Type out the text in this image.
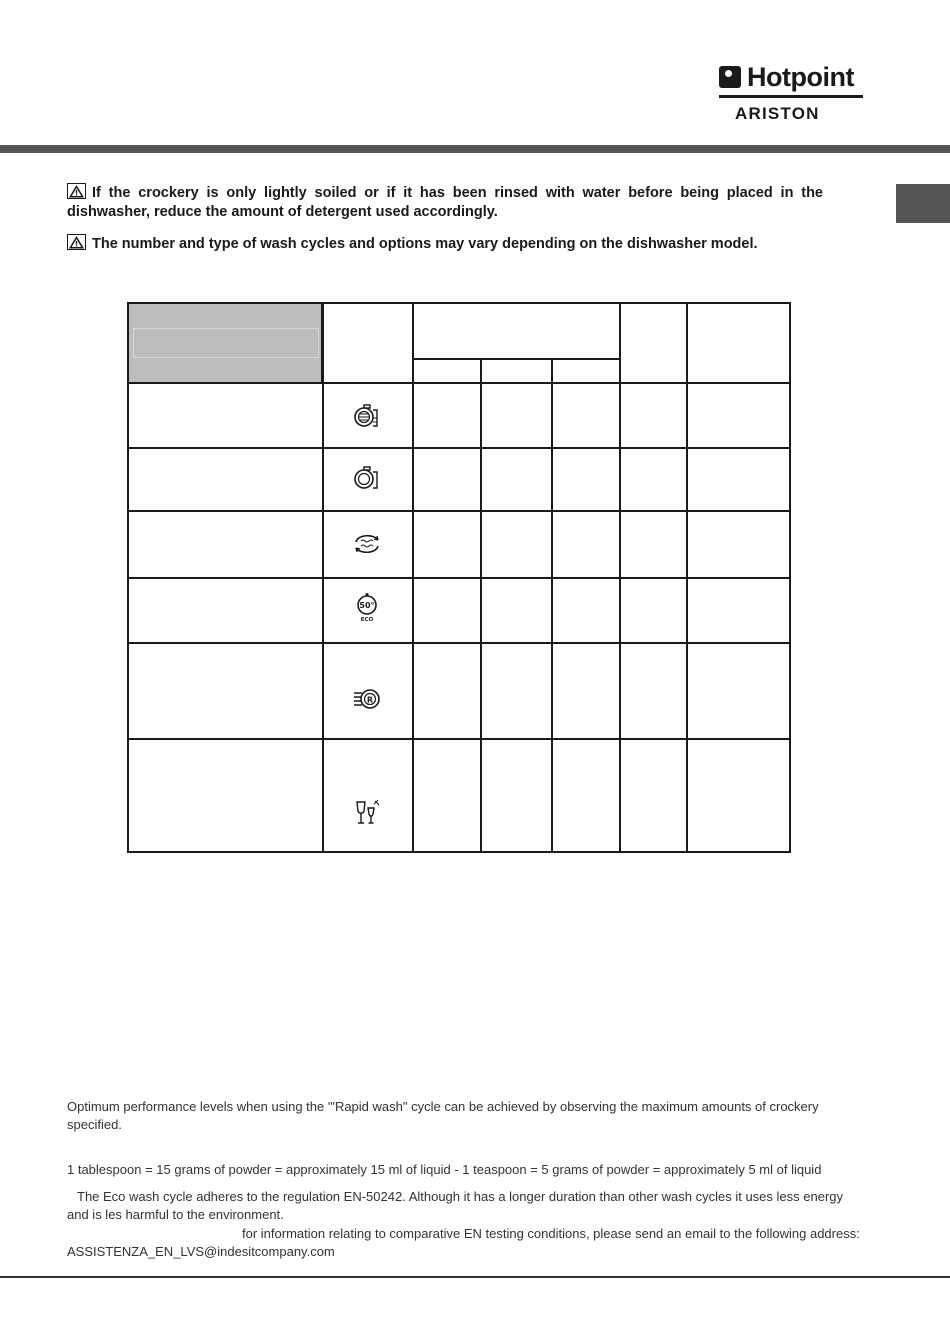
Hotpoint
ARISTON
If the crockery is only lightly soiled or if it has been rinsed with water before being placed in the dishwasher, reduce the amount of detergent used accordingly.
The number and type of wash cycles and options may vary depending on the dishwasher model.
50°
ECO
R
Optimum performance levels when using the "'Rapid wash" cycle can be achieved by observing the maximum amounts of crockery specified.
1 tablespoon = 15 grams of powder = approximately 15 ml of liquid - 1 teaspoon = 5 grams of powder = approximately 5 ml of liquid
The Eco wash cycle adheres to the regulation EN-50242. Although it has a longer duration than other wash cycles it uses less energy and is les harmful to the environment.
for information relating to comparative EN testing conditions, please send an email to the following address: ASSISTENZA_EN_LVS@indesitcompany.com
